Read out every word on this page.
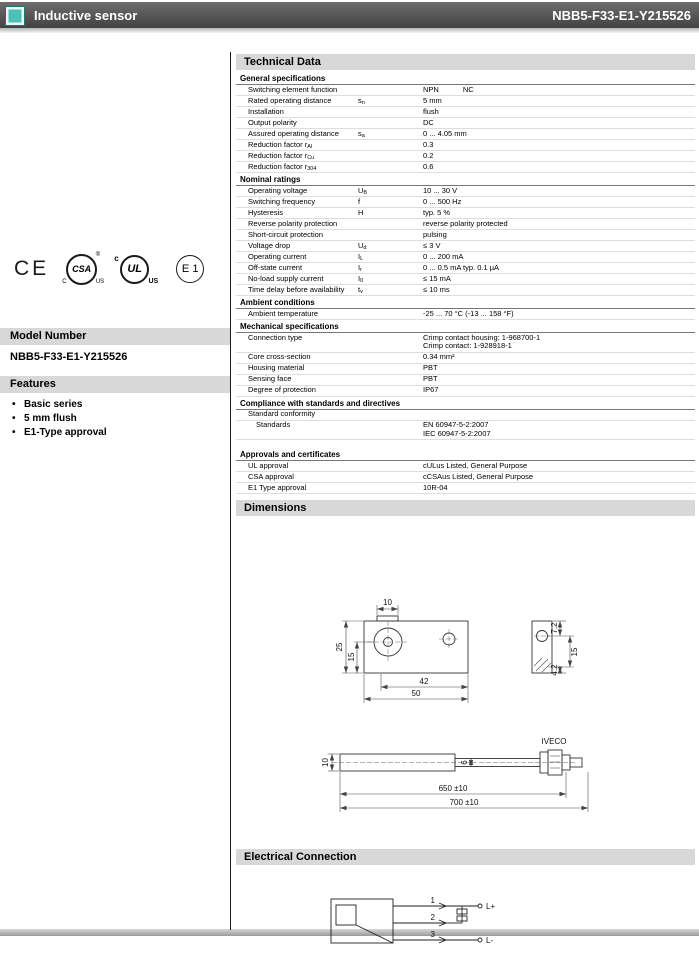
Inductive sensor	NBB5-F33-E1-Y215526
CE	CSA
®
C	US
c
UL
US
E 1
Model Number
NBB5-F33-E1-Y215526
Features
• Basic series
• 5 mm flush
• E1-Type approval
Technical Data
General specifications
Switching element function	NPN	NC
Rated operating distance	$s_n$	5 mm
Installation	flush
Output polarity	DC
Assured operating distance	$s_a$	0 ... 4.05 mm
Reduction factor $r_{Al}$	0.3
Reduction factor $r_{Cu}$	0.2
Reduction factor $r_{304}$	0.6
Nominal ratings
Operating voltage	$U_B$	10 ... 30 V
Switching frequency	f	0 ... 500 Hz
Hysteresis	H	typ. 5 %
Reverse polarity protection	reverse polarity protected
Short-circuit protection	pulsing
Voltage drop	$U_d$	≤ 3 V
Operating current	$I_L$	0 ... 200 mA
Off-state current	$I_r$	0 ... 0.5 mA typ. 0.1 µA
No-load supply current	$I_0$	≤ 15 mA
Time delay before availability	$t_v$	≤ 10 ms
Ambient conditions
Ambient temperature	-25 ... 70 °C (-13 ... 158 °F)
Mechanical specifications
Connection type	Crimp contact housing: 1-968700-1
Crimp contact: 1-928918-1
Core cross-section	0.34 mm²
Housing material	PBT
Sensing face	PBT
Degree of protection	IP67
Compliance with standards and directives
Standard conformity
Standards	EN 60947-5-2:2007
IEC 60947-5-2:2007
Approvals and certificates
UL approval	cULus Listed, General Purpose
CSA approval	cCSAus Listed, General Purpose
E1 Type approval	10R-04
Dimensions
10
25
15
42
50
7.2
15
4.2
10	6
IVECO
650 ±10
700 ±10
Electrical Connection
1
2
3
L+
L-
